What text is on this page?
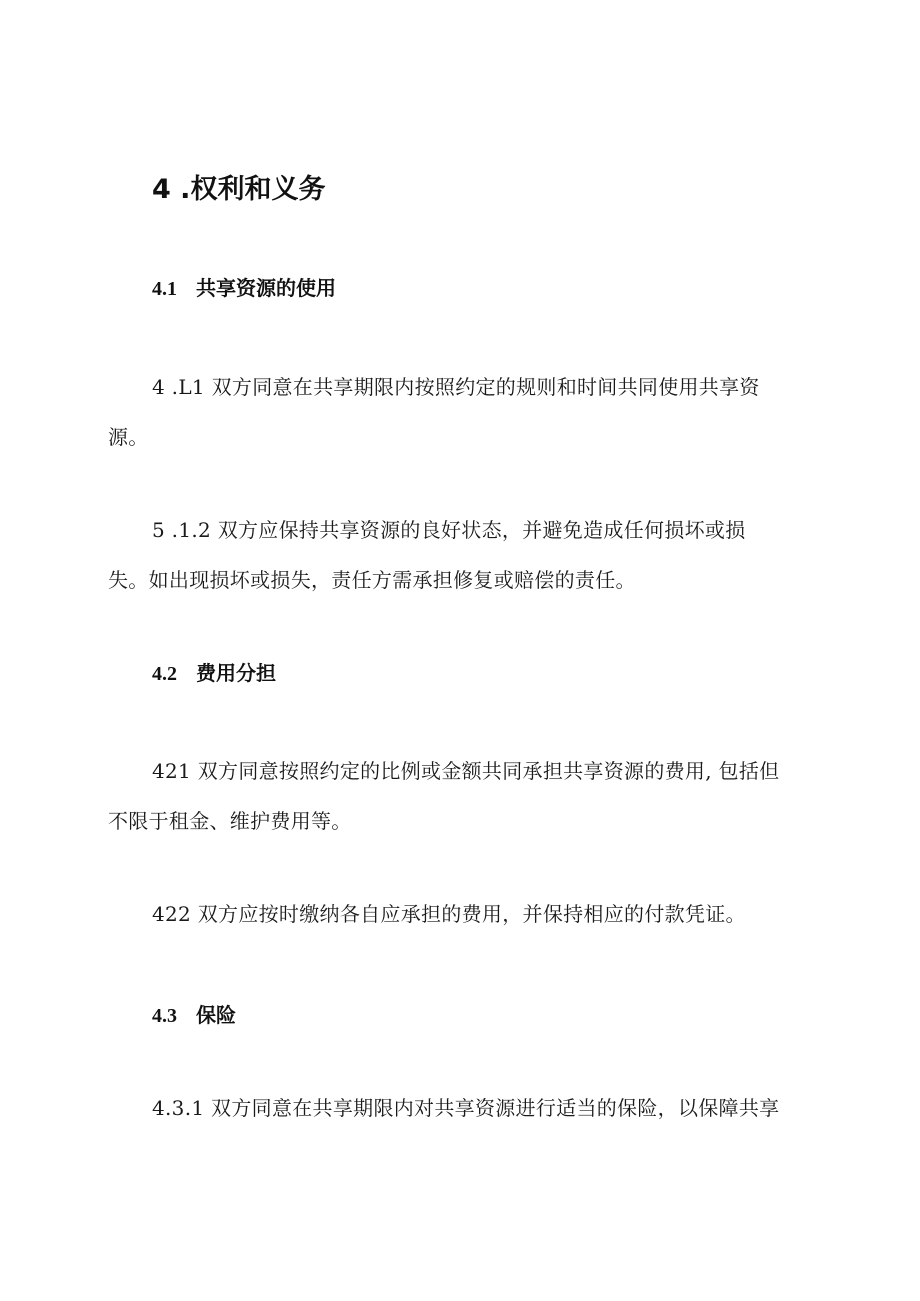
4 .权利和义务
4.1 共享资源的使用

4 .L1 双方同意在共享期限内按照约定的规则和时间共同使用共享资
源。

5 .1.2 双方应保持共享资源的良好状态，并避免造成任何损坏或损
失。如出现损坏或损失，责任方需承担修复或赔偿的责任。

4.2 费用分担

421 双方同意按照约定的比例或金额共同承担共享资源的费用, 包括但
不限于租金、维护费用等。

422 双方应按时缴纳各自应承担的费用，并保持相应的付款凭证。

4.3 保险

4.3.1 双方同意在共享期限内对共享资源进行适当的保险，以保障共享
